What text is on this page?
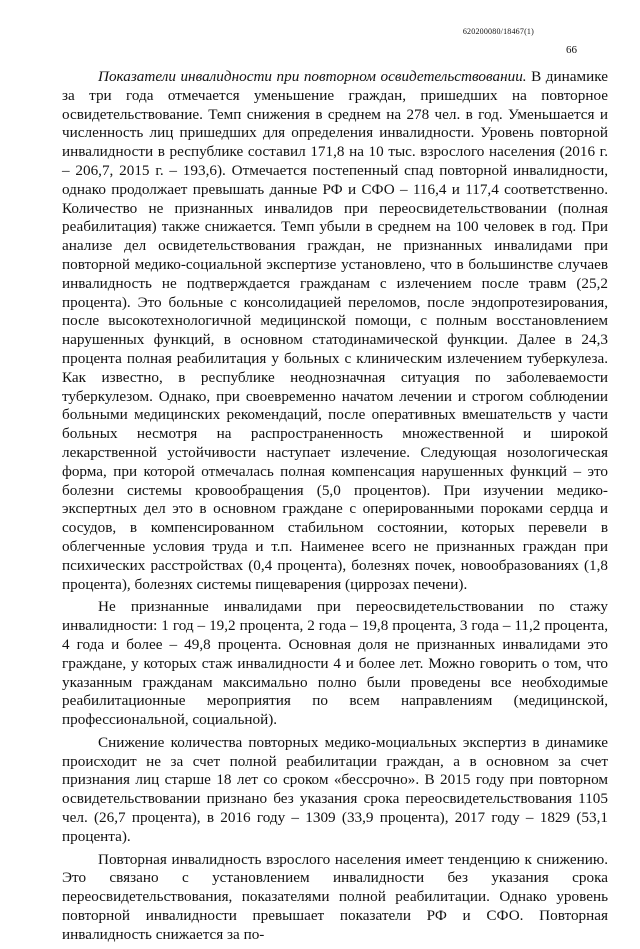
620200080/18467(1)
66

Показатели инвалидности при повторном освидетельствовании. В динамике за три года отмечается уменьшение граждан, пришедших на повторное освидетельствование. Темп снижения в среднем на 278 чел. в год. Уменьшается и численность лиц пришедших для определения инвалидности. Уровень повторной инвалидности в республике составил 171,8 на 10 тыс. взрослого населения (2016 г. – 206,7, 2015 г. – 193,6). Отмечается постепенный спад повторной инвалидности, однако продолжает превышать данные РФ и СФО – 116,4 и 117,4 соответственно. Количество не признанных инвалидов при переосвидетельствовании (полная реабилитация) также снижается. Темп убыли в среднем на 100 человек в год. При анализе дел освидетельствования граждан, не признанных инвалидами при повторной медико-социальной экспертизе установлено, что в большинстве случаев инвалидность не подтверждается гражданам с излечением после травм (25,2 процента). Это больные с консолидацией переломов, после эндопротезирования, после высокотехнологичной медицинской помощи, с полным восстановлением нарушенных функций, в основном статодинамической функции. Далее в 24,3 процента полная реабилитация у больных с клиническим излечением туберкулеза. Как известно, в республике неоднозначная ситуация по заболеваемости туберкулезом. Однако, при своевременно начатом лечении и строгом соблюдении больными медицинских рекомендаций, после оперативных вмешательств у части больных несмотря на распространенность множественной и широкой лекарственной устойчивости наступает излечение. Следующая нозологическая форма, при которой отмечалась полная компенсация нарушенных функций – это болезни системы кровообращения (5,0 процентов). При изучении медико-экспертных дел это в основном граждане с оперированными пороками сердца и сосудов, в компенсированном стабильном состоянии, которых перевели в облегченные условия труда и т.п. Наименее всего не признанных граждан при психических расстройствах (0,4 процента), болезнях почек, новообразованиях (1,8 процента), болезнях системы пищеварения (циррозах печени).

Не признанные инвалидами при переосвидетельствовании по стажу инвалидности: 1 год – 19,2 процента, 2 года – 19,8 процента, 3 года – 11,2 процента, 4 года и более – 49,8 процента. Основная доля не признанных инвалидами это граждане, у которых стаж инвалидности 4 и более лет. Можно говорить о том, что указанным гражданам максимально полно были проведены все необходимые реабилитационные мероприятия по всем направлениям (медицинской, профессиональной, социальной).

Снижение количества повторных медико-моциальных экспертиз в динамике происходит не за счет полной реабилитации граждан, а в основном за счет признания лиц старше 18 лет со сроком «бессрочно». В 2015 году при повторном освидетельствовании признано без указания срока переосвидетельствования 1105 чел. (26,7 процента), в 2016 году – 1309 (33,9 процента), 2017 году – 1829 (53,1 процента).

Повторная инвалидность взрослого населения имеет тенденцию к снижению. Это связано с установлением инвалидности без указания срока переосвидетельствования, показателями полной реабилитации. Однако уровень повторной инвалидности превышает показатели РФ и СФО. Повторная инвалидность снижается за по-
